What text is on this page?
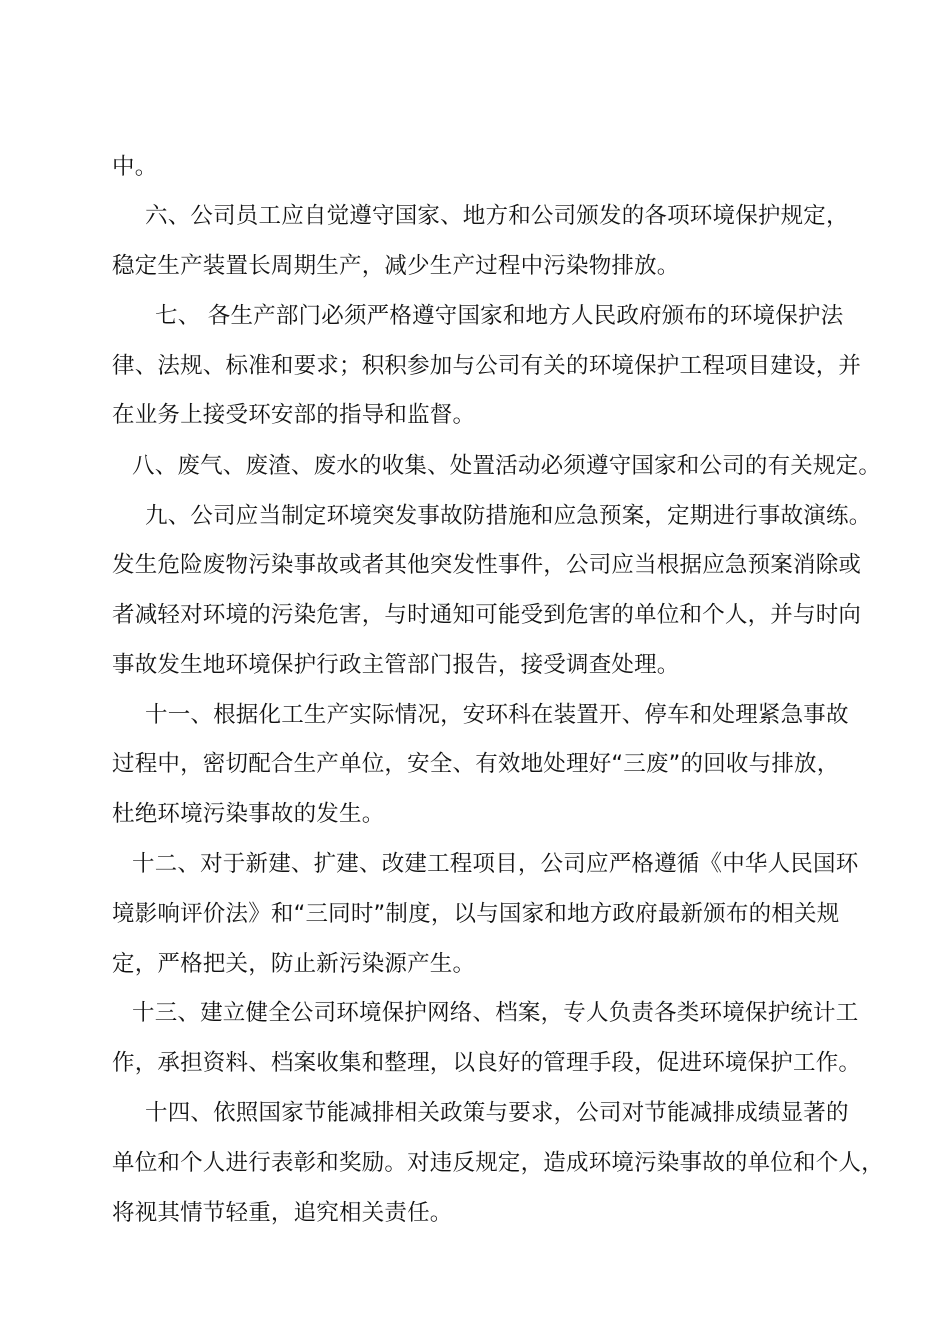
中。
六、公司员工应自觉遵守国家、地方和公司颁发的各项环境保护规定，
稳定生产装置长周期生产，减少生产过程中污染物排放。
七、 各生产部门必须严格遵守国家和地方人民政府颁布的环境保护法
律、法规、标准和要求；积积参加与公司有关的环境保护工程项目建设，并
在业务上接受环安部的指导和监督。
八、废气、废渣、废水的收集、处置活动必须遵守国家和公司的有关规定。
九、公司应当制定环境突发事故防措施和应急预案，定期进行事故演练。
发生危险废物污染事故或者其他突发性事件，公司应当根据应急预案消除或
者减轻对环境的污染危害，与时通知可能受到危害的单位和个人，并与时向
事故发生地环境保护行政主管部门报告，接受调查处理。
十一、根据化工生产实际情况，安环科在装置开、停车和处理紧急事故
过程中，密切配合生产单位，安全、有效地处理好“三废”的回收与排放，
杜绝环境污染事故的发生。
十二、对于新建、扩建、改建工程项目，公司应严格遵循《中华人民国环
境影响评价法》和“三同时”制度，以与国家和地方政府最新颁布的相关规
定，严格把关，防止新污染源产生。
十三、建立健全公司环境保护网络、档案，专人负责各类环境保护统计工
作，承担资料、档案收集和整理，以良好的管理手段，促进环境保护工作。
十四、依照国家节能减排相关政策与要求，公司对节能减排成绩显著的
单位和个人进行表彰和奖励。对违反规定，造成环境污染事故的单位和个人，
将视其情节轻重，追究相关责任。
